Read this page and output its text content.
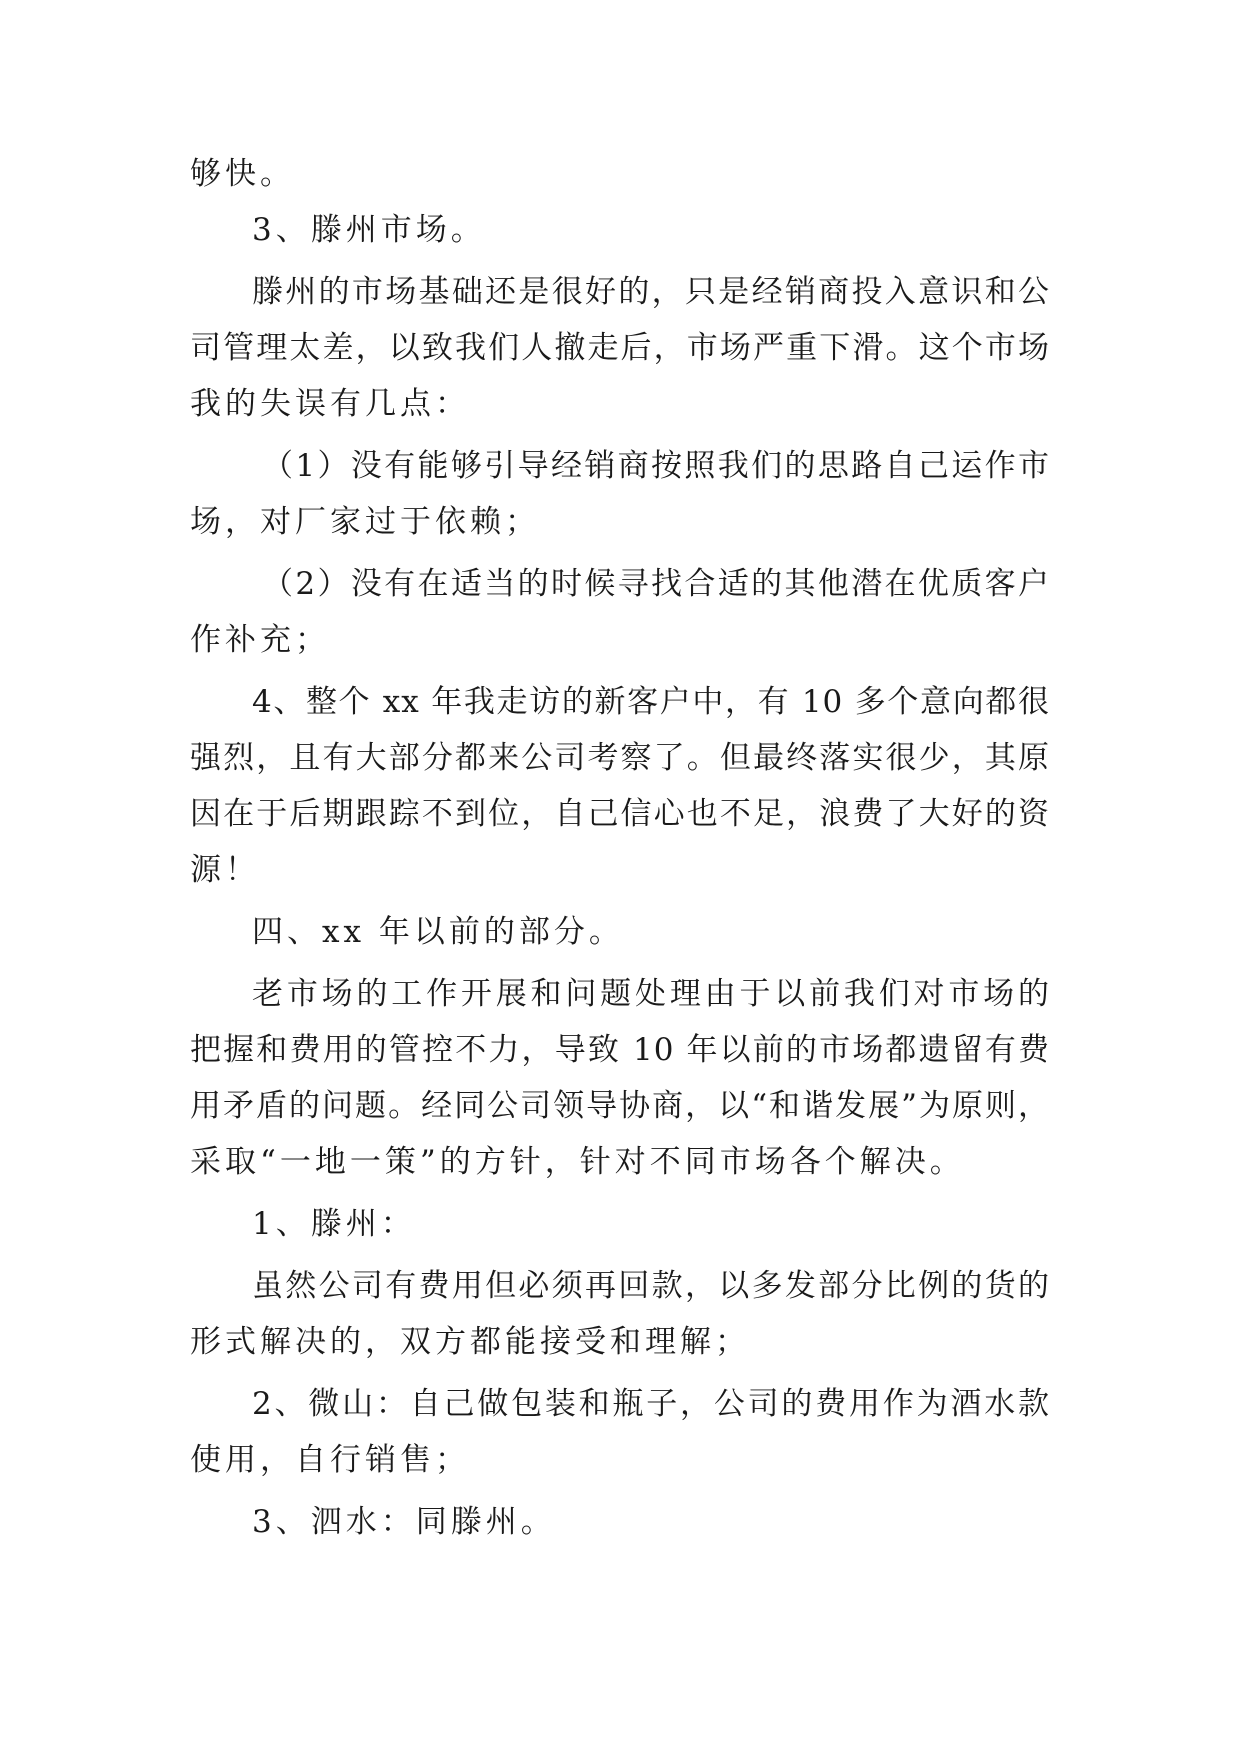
够快。
3、滕州市场。
滕州的市场基础还是很好的，只是经销商投入意识和公
司管理太差，以致我们人撤走后，市场严重下滑。这个市场
我的失误有几点：
（1）没有能够引导经销商按照我们的思路自己运作市
场，对厂家过于依赖；
（2）没有在适当的时候寻找合适的其他潜在优质客户
作补充；
4、整个 xx 年我走访的新客户中，有 10 多个意向都很
强烈，且有大部分都来公司考察了。但最终落实很少，其原
因在于后期跟踪不到位，自己信心也不足，浪费了大好的资
源！
四、xx 年以前的部分。
老市场的工作开展和问题处理由于以前我们对市场的
把握和费用的管控不力，导致 10 年以前的市场都遗留有费
用矛盾的问题。经同公司领导协商，以“和谐发展”为原则，
采取“一地一策”的方针，针对不同市场各个解决。
1、滕州：
虽然公司有费用但必须再回款，以多发部分比例的货的
形式解决的，双方都能接受和理解；
2、微山：自己做包装和瓶子，公司的费用作为酒水款
使用，自行销售；
3、泗水：同滕州。
